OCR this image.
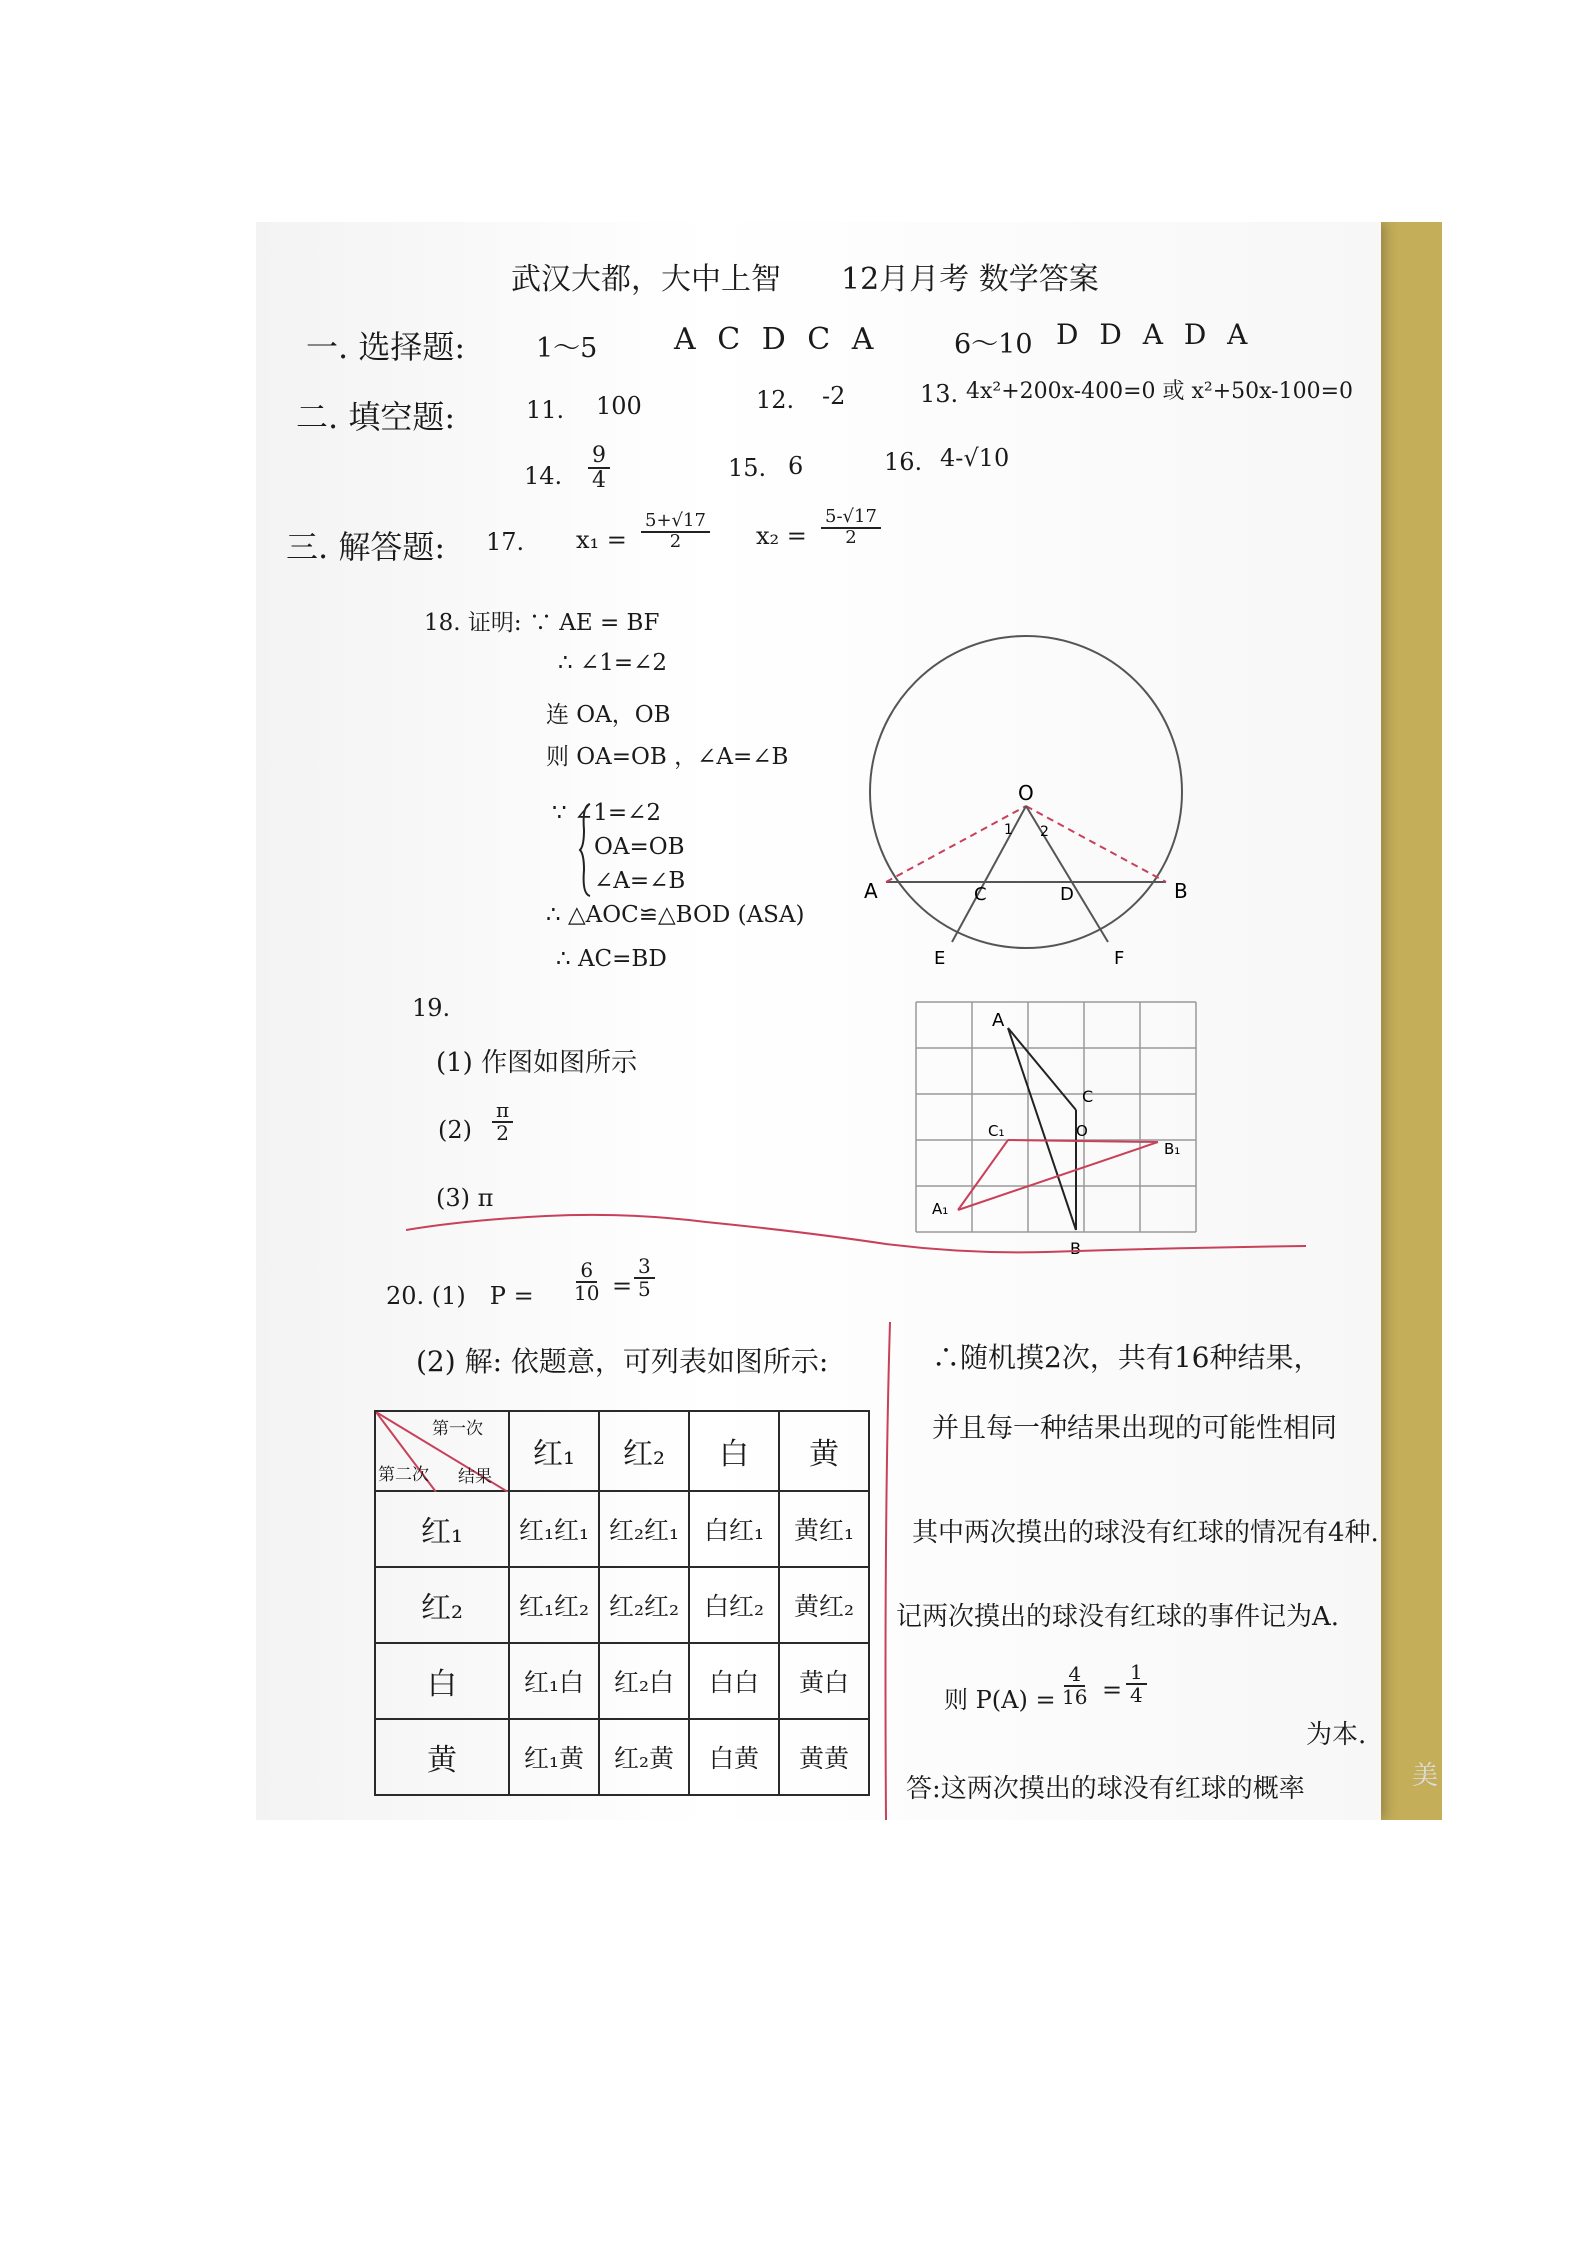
武汉大都，大中上智　　12月月考 数学答案
一. 选择题:	1～5	A C D C A	6～10 D D A D A
二. 填空题:	11. 100	12. -2	13. 4x²+200x-400=0 或 x²+50x-100=0
14. $\frac{9}{4}$	15. 6	16. 4-√10
三. 解答题: 17. $x_1 = \frac{5+√17}{2} x_2 = \frac{5-√17}{2}$
18. 证明: ∵ AE = BF
∴ ∠1=∠2
连 OA，OB
则 OA=OB ，∠A=∠B
∵ ∠1=∠2
OA=OB
∠A=∠B
∴ △AOC≌△BOD (ASA)
∴ AC=BD
O
A	B
C	D
E	F
1 2
19.
(1) 作图如图所示
$(2) \frac{\pi}{2}$
(3) π
A
C
C₁	O
B₁
A₁
B
20. (1)　$P = \frac{6}{10} = \frac{3}{5}$
(2) 解: 依题意，可列表如图所示:
第一次
第二次 结果	红₁	红₂	白	黄
红₁	红₁红₁	红₂红₁	白红₁	黄红₁
红₂	红₁红₂	红₂红₂	白红₂	黄红₂
白	红₁白	红₂白	白白	黄白
黄	红₁黄	红₂黄	白黄	黄黄
∴随机摸2次，共有16种结果，
并且每一种结果出现的可能性相同
其中两次摸出的球没有红球的情况有4种.
记两次摸出的球没有红球的事件记为A.
则 $P(A) = \frac{4}{16} = \frac{1}{4}$
为本.
答:这两次摸出的球没有红球的概率	美
